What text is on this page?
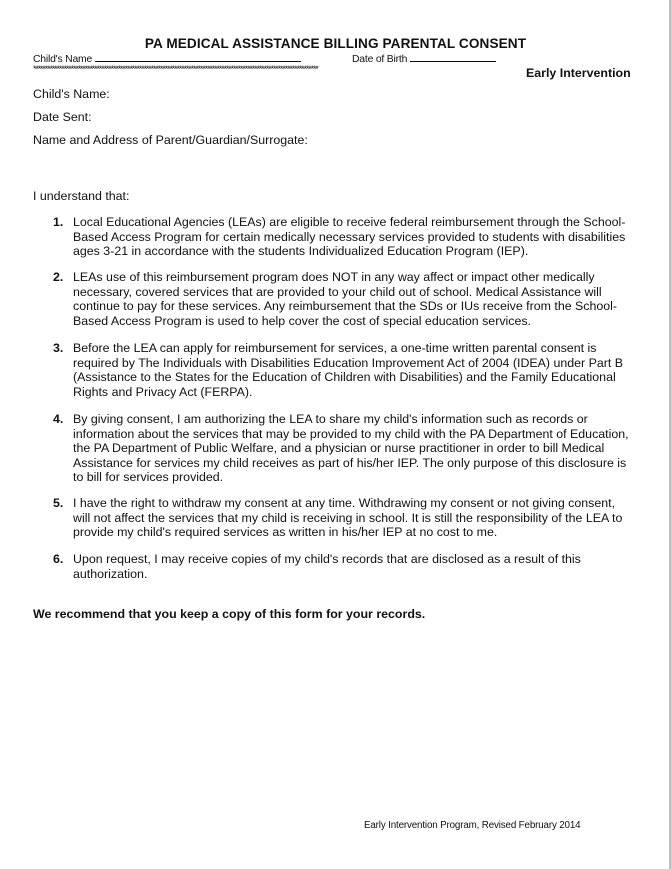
PA MEDICAL ASSISTANCE BILLING PARENTAL CONSENT
Child's Name	Date of Birth
*************************************************************************************************************************	Early Intervention
Child's Name:
Date Sent:
Name and Address of Parent/Guardian/Surrogate:
I understand that:
1. Local Educational Agencies (LEAs) are eligible to receive federal reimbursement through the School-Based Access Program for certain medically necessary services provided to students with disabilities ages 3-21 in accordance with the students Individualized Education Program (IEP).
2. LEAs use of this reimbursement program does NOT in any way affect or impact other medically necessary, covered services that are provided to your child out of school. Medical Assistance will continue to pay for these services. Any reimbursement that the SDs or IUs receive from the School-Based Access Program is used to help cover the cost of special education services.
3. Before the LEA can apply for reimbursement for services, a one-time written parental consent is required by The Individuals with Disabilities Education Improvement Act of 2004 (IDEA) under Part B (Assistance to the States for the Education of Children with Disabilities) and the Family Educational Rights and Privacy Act (FERPA).
4. By giving consent, I am authorizing the LEA to share my child's information such as records or information about the services that may be provided to my child with the PA Department of Education, the PA Department of Public Welfare, and a physician or nurse practitioner in order to bill Medical Assistance for services my child receives as part of his/her IEP. The only purpose of this disclosure is to bill for services provided.
5. I have the right to withdraw my consent at any time. Withdrawing my consent or not giving consent, will not affect the services that my child is receiving in school. It is still the responsibility of the LEA to provide my child's required services as written in his/her IEP at no cost to me.
6. Upon request, I may receive copies of my child's records that are disclosed as a result of this authorization.
We recommend that you keep a copy of this form for your records.
Early Intervention Program, Revised February 2014
